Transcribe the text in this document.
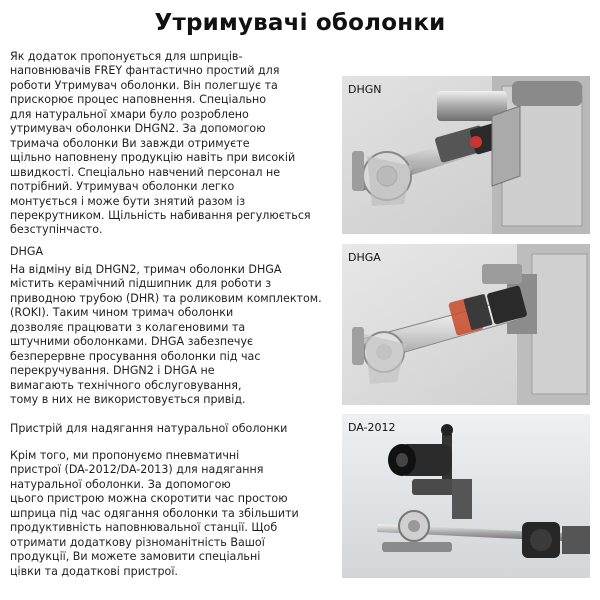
Утримувачі оболонки

Як додаток пропонується для шприців-
наповнювачів FREY фантастично простий для
роботи Утримувач оболонки. Він полегшує та
прискорює процес наповнення. Спеціально
для натуральної хмари було розроблено
утримувач оболонки DHGN2. За допомогою
тримача оболонки Ви завжди отримуєте
щільно наповнену продукцію навіть при високій
швидкості. Спеціально навчений персонал не
потрібний. Утримувач оболонки легко
монтується і може бути знятий разом із
перекрутником. Щільність набивання регулюється
безступінчасто.

DHGA

На відміну від DHGN2, тримач оболонки DHGA
містить керамічний підшипник для роботи з
приводною трубою (DHR) та роликовим комплектом.
(ROKI). Таким чином тримач оболонки
дозволяє працювати з колагеновими та
штучними оболонками. DHGA забезпечує
безперервне просування оболонки під час
перекручування. DHGN2 і DHGA не
вимагають технічного обслуговування,
тому в них не використовується привід.

Пристрій для надягання натуральної оболонки

Крім того, ми пропонуємо пневматичні
пристрої (DA-2012/DA-2013) для надягання
натуральної оболонки. За допомогою
цього пристрою можна скоротити час простою
шприца під час одягання оболонки та збільшити
продуктивність наповнювальної станції. Щоб
отримати додаткову різноманітність Вашої
продукції, Ви можете замовити спеціальні
цівки та додаткові пристрої.

DHGN
DHGA
DA-2012
